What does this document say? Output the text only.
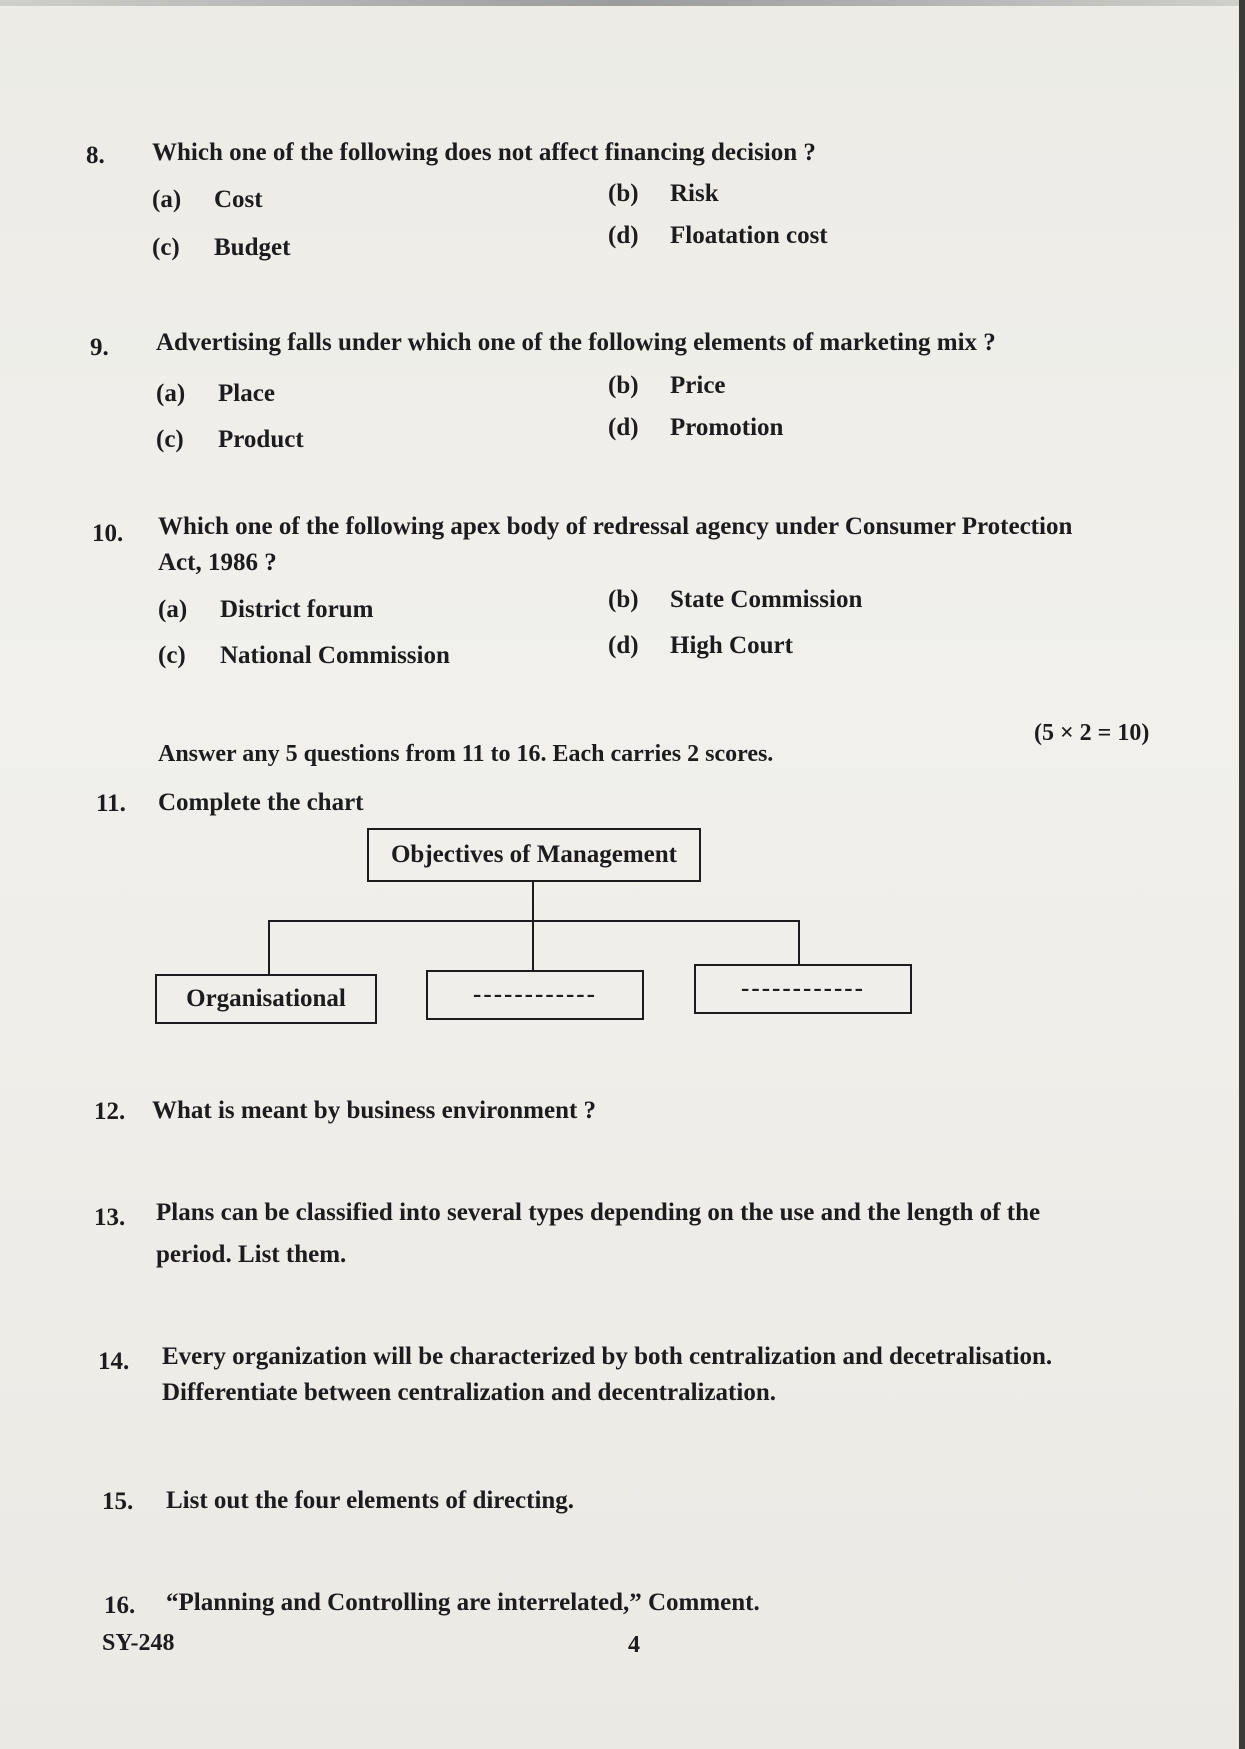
8. Which one of the following does not affect financing decision ?
(a) Cost	(b) Risk
(c) Budget	(d) Floatation cost
9. Advertising falls under which one of the following elements of marketing mix ?
(a) Place	(b) Price
(c) Product	(d) Promotion
10. Which one of the following apex body of redressal agency under Consumer Protection
Act, 1986 ?
(a) District forum	(b) State Commission
(c) National Commission	(d) High Court
Answer any 5 questions from 11 to 16. Each carries 2 scores.
(5 × 2 = 10)
11. Complete the chart
Objectives of Management
Organisational	------------	------------
12. What is meant by business environment ?
13. Plans can be classified into several types depending on the use and the length of the
period. List them.
14. Every organization will be characterized by both centralization and decetralisation.
Differentiate between centralization and decentralization.
15. List out the four elements of directing.
16. “Planning and Controlling are interrelated,” Comment.
SY-248	4
